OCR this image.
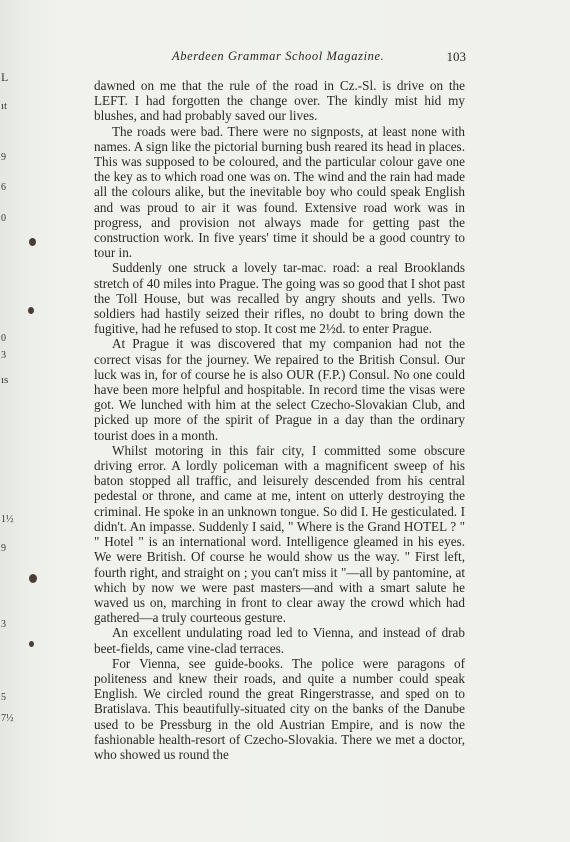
Aberdeen Grammar School Magazine.	103
L
ıt
9
6
0
0
3
ıs
1½
9
3
5
7½

dawned on me that the rule of the road in Cz.-Sl. is drive on the LEFT. I had forgotten the change over. The kindly mist hid my blushes, and had probably saved our lives.

The roads were bad. There were no signposts, at least none with names. A sign like the pictorial burning bush reared its head in places. This was supposed to be coloured, and the particular colour gave one the key as to which road one was on. The wind and the rain had made all the colours alike, but the inevitable boy who could speak English and was proud to air it was found. Extensive road work was in progress, and provision not always made for getting past the construction work. In five years' time it should be a good country to tour in.

Suddenly one struck a lovely tar-mac. road: a real Brooklands stretch of 40 miles into Prague. The going was so good that I shot past the Toll House, but was recalled by angry shouts and yells. Two soldiers had hastily seized their rifles, no doubt to bring down the fugitive, had he refused to stop. It cost me 2½d. to enter Prague.

At Prague it was discovered that my companion had not the correct visas for the journey. We repaired to the British Consul. Our luck was in, for of course he is also OUR (F.P.) Consul. No one could have been more helpful and hospitable. In record time the visas were got. We lunched with him at the select Czecho-Slovakian Club, and picked up more of the spirit of Prague in a day than the ordinary tourist does in a month.

Whilst motoring in this fair city, I committed some obscure driving error. A lordly policeman with a magnificent sweep of his baton stopped all traffic, and leisurely descended from his central pedestal or throne, and came at me, intent on utterly destroying the criminal. He spoke in an unknown tongue. So did I. He gesticulated. I didn't. An impasse. Suddenly I said, " Where is the Grand HOTEL ? " " Hotel " is an international word. Intelligence gleamed in his eyes. We were British. Of course he would show us the way. " First left, fourth right, and straight on ; you can't miss it "—all by pantomine, at which by now we were past masters—and with a smart salute he waved us on, marching in front to clear away the crowd which had gathered—a truly courteous gesture.

An excellent undulating road led to Vienna, and instead of drab beet-fields, came vine-clad terraces.

For Vienna, see guide-books. The police were paragons of politeness and knew their roads, and quite a number could speak English. We circled round the great Ringerstrasse, and sped on to Bratislava. This beautifully-situated city on the banks of the Danube used to be Pressburg in the old Austrian Empire, and is now the fashionable health-resort of Czecho-Slovakia. There we met a doctor, who showed us round the
